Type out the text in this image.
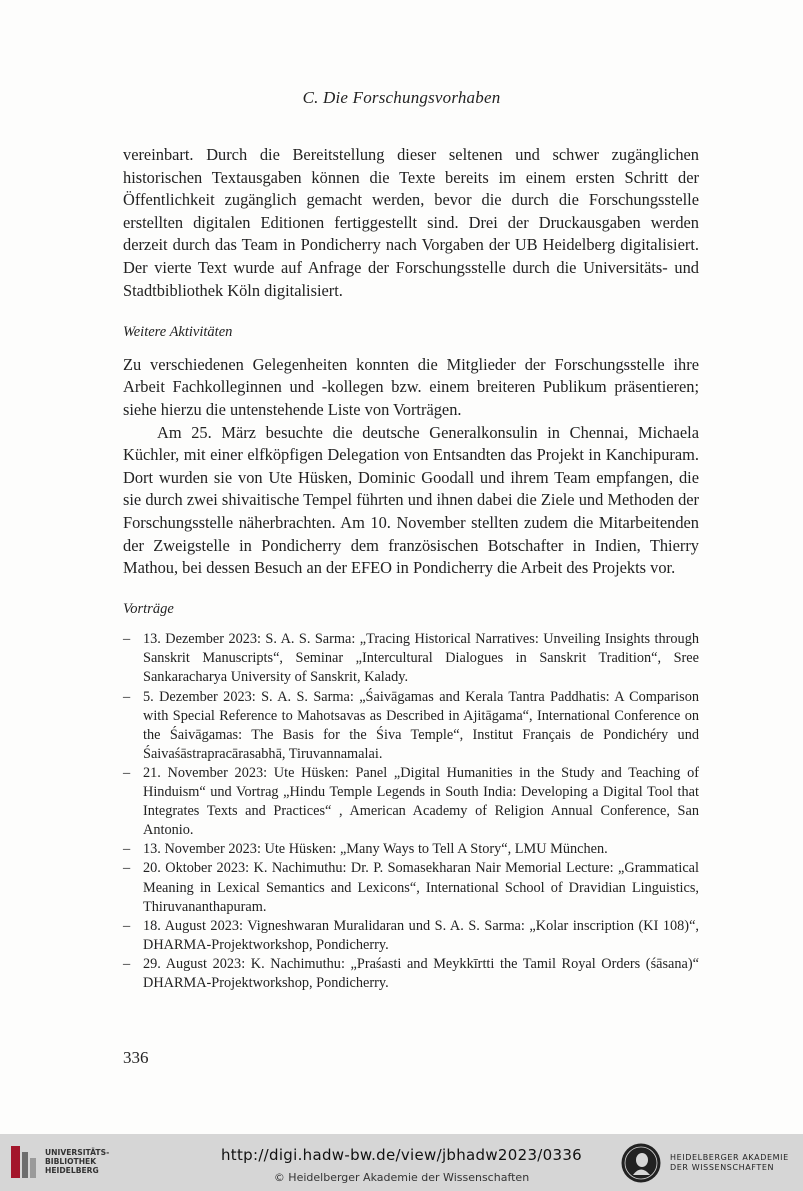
C. Die Forschungsvorhaben

vereinbart. Durch die Bereitstellung dieser seltenen und schwer zugänglichen historischen Textausgaben können die Texte bereits im einem ersten Schritt der Öffentlichkeit zugänglich gemacht werden, bevor die durch die Forschungsstelle erstellten digitalen Editionen fertiggestellt sind. Drei der Druckausgaben werden derzeit durch das Team in Pondicherry nach Vorgaben der UB Heidelberg digitalisiert. Der vierte Text wurde auf Anfrage der Forschungsstelle durch die Universitäts- und Stadtbibliothek Köln digitalisiert.

Weitere Aktivitäten

Zu verschiedenen Gelegenheiten konnten die Mitglieder der Forschungsstelle ihre Arbeit Fachkolleginnen und -kollegen bzw. einem breiteren Publikum präsentieren; siehe hierzu die untenstehende Liste von Vorträgen.

Am 25. März besuchte die deutsche Generalkonsulin in Chennai, Michaela Küchler, mit einer elfköpfigen Delegation von Entsandten das Projekt in Kanchipuram. Dort wurden sie von Ute Hüsken, Dominic Goodall und ihrem Team empfangen, die sie durch zwei shivaitische Tempel führten und ihnen dabei die Ziele und Methoden der Forschungsstelle näherbrachten. Am 10. November stellten zudem die Mitarbeitenden der Zweigstelle in Pondicherry dem französischen Botschafter in Indien, Thierry Mathou, bei dessen Besuch an der EFEO in Pondicherry die Arbeit des Projekts vor.

Vorträge
– 13. Dezember 2023: S. A. S. Sarma: „Tracing Historical Narratives: Unveiling Insights through Sanskrit Manuscripts“, Seminar „Intercultural Dialogues in Sanskrit Tradition“, Sree Sankaracharya University of Sanskrit, Kalady.
– 5. Dezember 2023: S. A. S. Sarma: „Śaivāgamas and Kerala Tantra Paddhatis: A Comparison with Special Reference to Mahotsavas as Described in Ajitāgama“, International Conference on the Śaivāgamas: The Basis for the Śiva Temple“, Institut Français de Pondichéry und Śaivaśāstrapracārasabhā, Tiruvannamalai.
– 21. November 2023: Ute Hüsken: Panel „Digital Humanities in the Study and Teaching of Hinduism“ und Vortrag „Hindu Temple Legends in South India: Developing a Digital Tool that Integrates Texts and Practices“ , American Academy of Religion Annual Conference, San Antonio.
– 13. November 2023: Ute Hüsken: „Many Ways to Tell A Story“, LMU München.
– 20. Oktober 2023: K. Nachimuthu: Dr. P. Somasekharan Nair Memorial Lecture: „Grammatical Meaning in Lexical Semantics and Lexicons“, International School of Dravidian Linguistics, Thiruvananthapuram.
– 18. August 2023: Vigneshwaran Muralidaran und S. A. S. Sarma: „Kolar inscription (KI 108)“, DHARMA-Projektworkshop, Pondicherry.
– 29. August 2023: K. Nachimuthu: „Praśasti and Meykkīrtti the Tamil Royal Orders (śāsana)“ DHARMA-Projektworkshop, Pondicherry.
336
UNIVERSITÄTS-
BIBLIOTHEK
HEIDELBERG
http://digi.hadw-bw.de/view/jbhadw2023/0336
© Heidelberger Akademie der Wissenschaften
HEIDELBERGER AKADEMIE
DER WISSENSCHAFTEN
